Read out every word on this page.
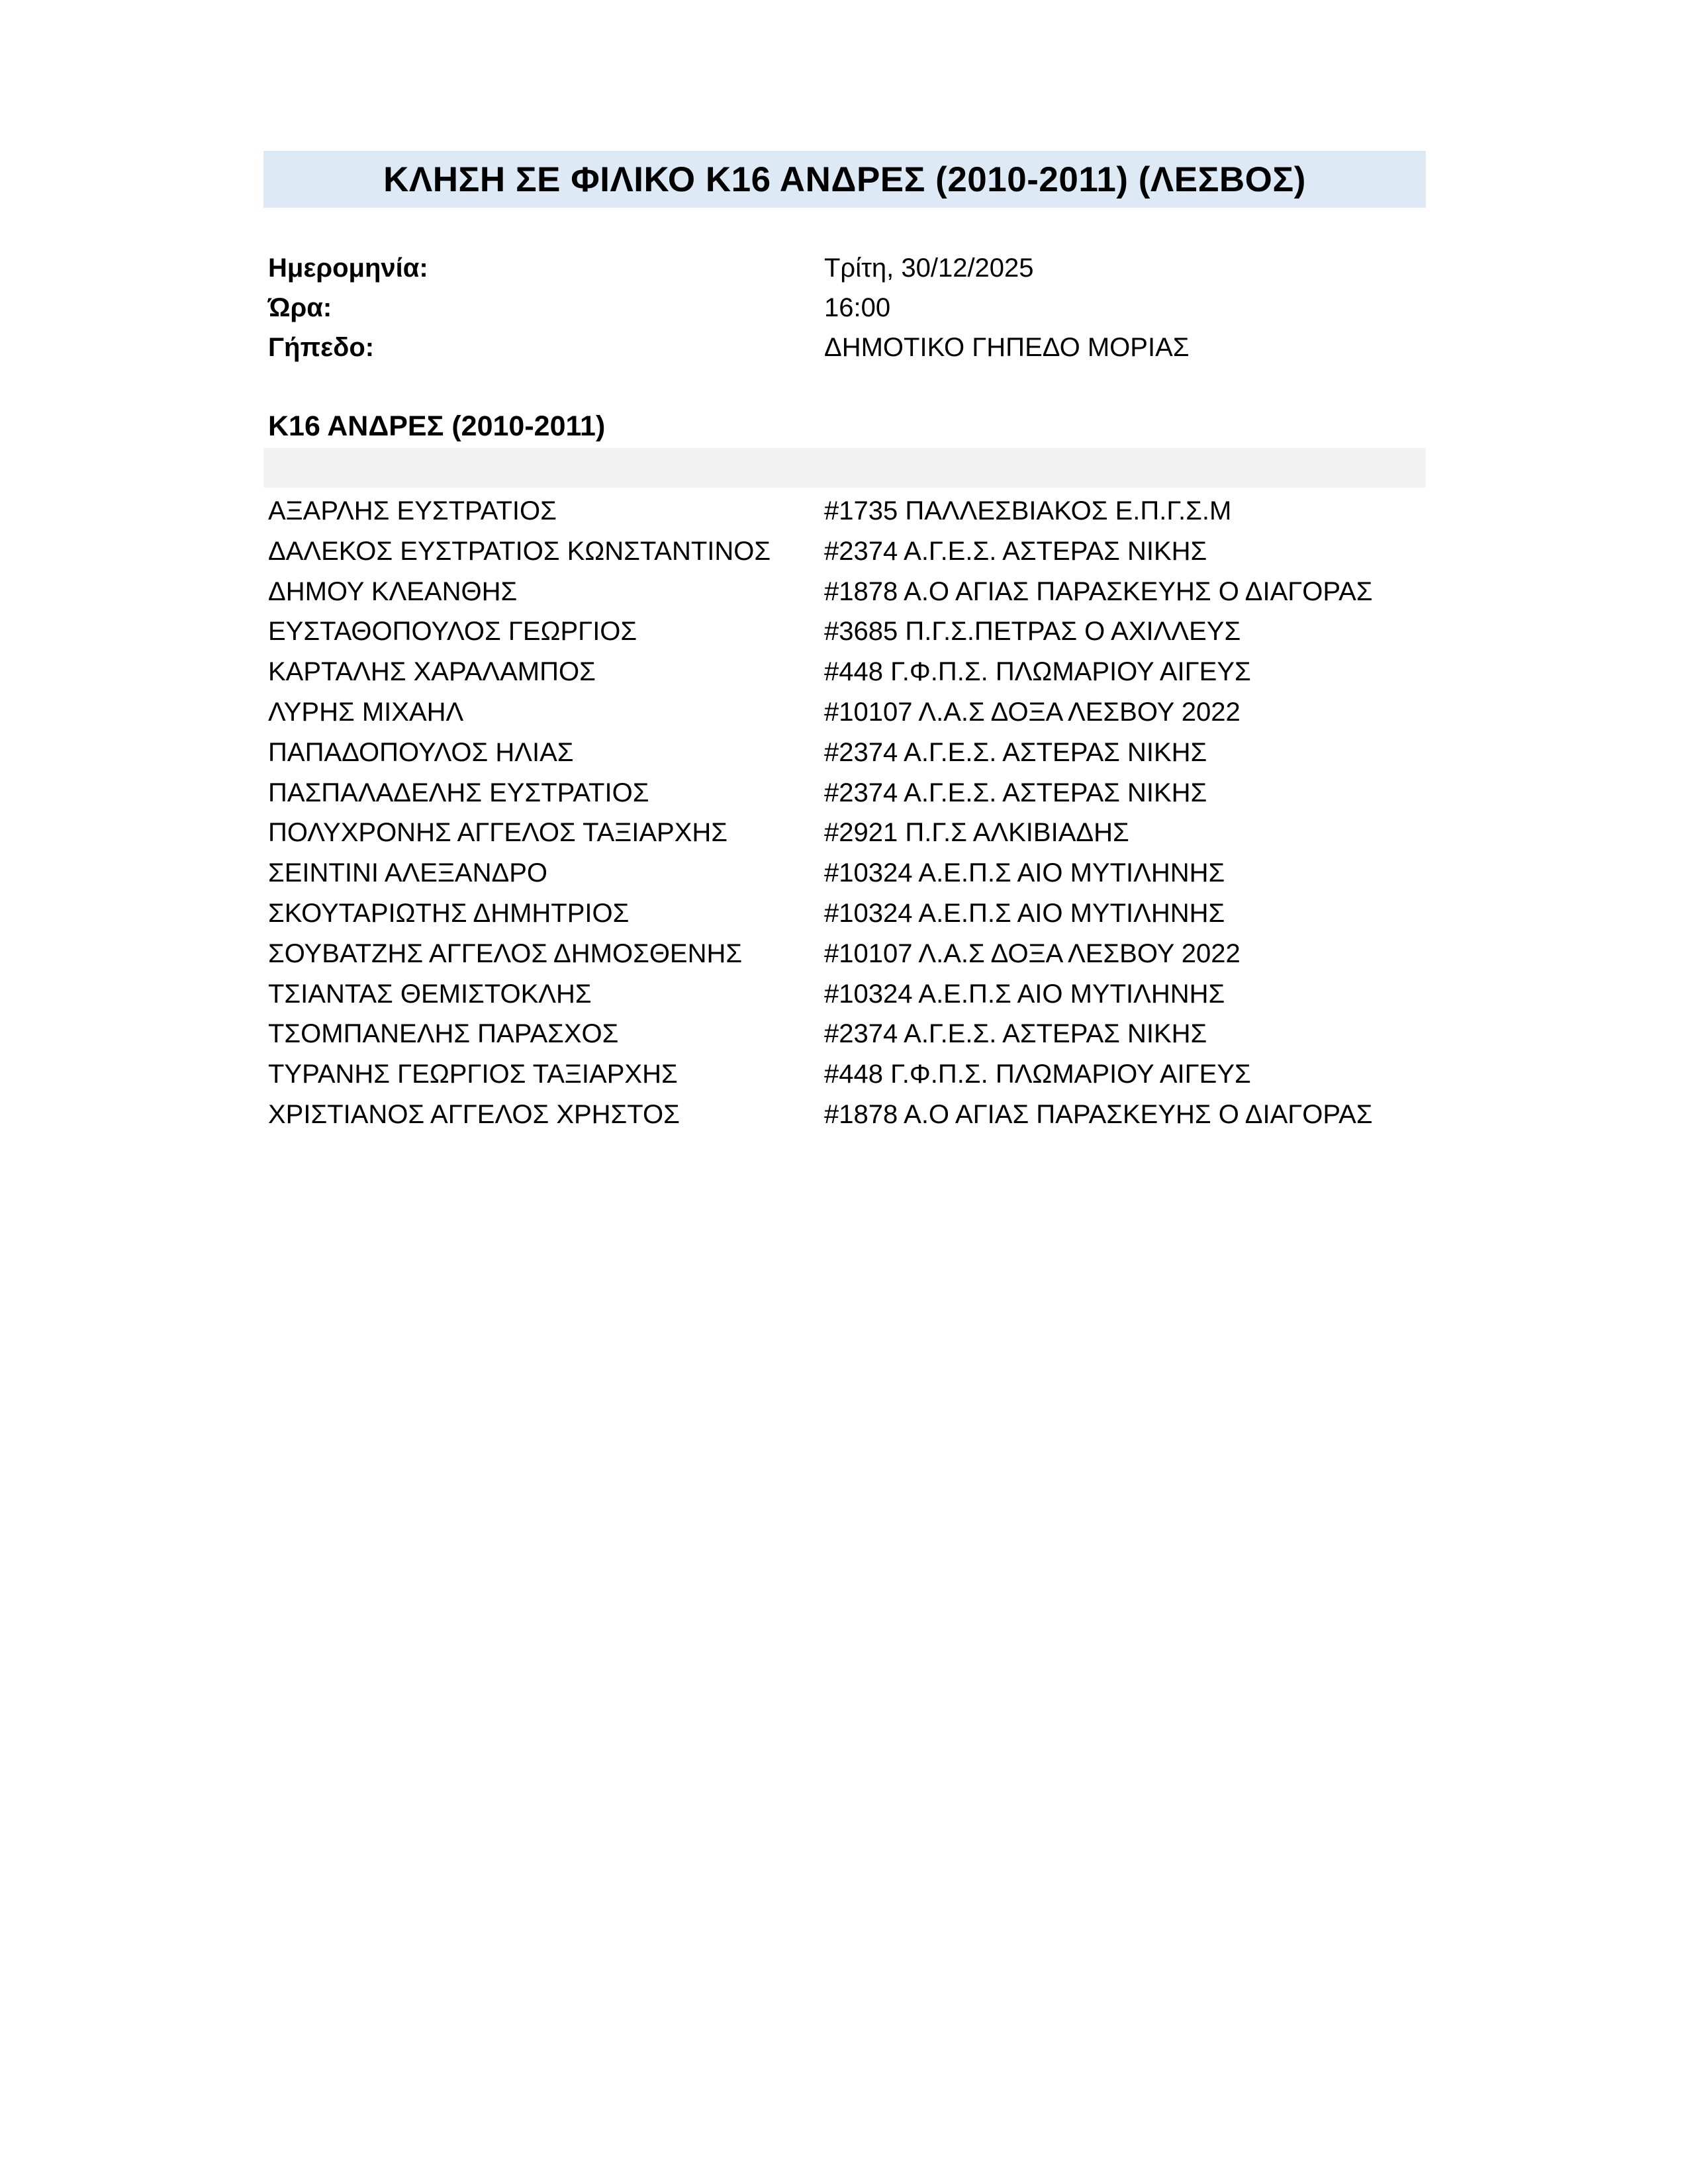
ΚΛΗΣΗ ΣΕ ΦΙΛΙΚΟ Κ16 ΑΝΔΡΕΣ (2010-2011) (ΛΕΣΒΟΣ)
Ημερομηνία:	Τρίτη, 30/12/2025
Ώρα:	16:00
Γήπεδο:	ΔΗΜΟΤΙΚΟ ΓΗΠΕΔΟ ΜΟΡΙΑΣ
Κ16 ΑΝΔΡΕΣ (2010-2011)
ΑΞΑΡΛΗΣ ΕΥΣΤΡΑΤΙΟΣ	#1735 ΠΑΛΛΕΣΒΙΑΚΟΣ Ε.Π.Γ.Σ.Μ
ΔΑΛΕΚΟΣ ΕΥΣΤΡΑΤΙΟΣ ΚΩΝΣΤΑΝΤΙΝΟΣ #2374 Α.Γ.Ε.Σ. ΑΣΤΕΡΑΣ ΝΙΚΗΣ
ΔΗΜΟΥ ΚΛΕΑΝΘΗΣ	#1878 Α.Ο ΑΓΙΑΣ ΠΑΡΑΣΚΕΥΗΣ Ο ΔΙΑΓΟΡΑΣ
ΕΥΣΤΑΘΟΠΟΥΛΟΣ ΓΕΩΡΓΙΟΣ	#3685 Π.Γ.Σ.ΠΕΤΡΑΣ Ο ΑΧΙΛΛΕΥΣ
ΚΑΡΤΑΛΗΣ ΧΑΡΑΛΑΜΠΟΣ	#448 Γ.Φ.Π.Σ. ΠΛΩΜΑΡΙΟΥ ΑΙΓΕΥΣ
ΛΥΡΗΣ ΜΙΧΑΗΛ	#10107 Λ.Α.Σ ΔΟΞΑ ΛΕΣΒΟΥ 2022
ΠΑΠΑΔΟΠΟΥΛΟΣ ΗΛΙΑΣ	#2374 Α.Γ.Ε.Σ. ΑΣΤΕΡΑΣ ΝΙΚΗΣ
ΠΑΣΠΑΛΑΔΕΛΗΣ ΕΥΣΤΡΑΤΙΟΣ	#2374 Α.Γ.Ε.Σ. ΑΣΤΕΡΑΣ ΝΙΚΗΣ
ΠΟΛΥΧΡΟΝΗΣ ΑΓΓΕΛΟΣ ΤΑΞΙΑΡΧΗΣ	#2921 Π.Γ.Σ ΑΛΚΙΒΙΑΔΗΣ
ΣΕΙΝΤΙΝΙ ΑΛΕΞΑΝΔΡΟ	#10324 Α.Ε.Π.Σ ΑΙΟ ΜΥΤΙΛΗΝΗΣ
ΣΚΟΥΤΑΡΙΩΤΗΣ ΔΗΜΗΤΡΙΟΣ	#10324 Α.Ε.Π.Σ ΑΙΟ ΜΥΤΙΛΗΝΗΣ
ΣΟΥΒΑΤΖΗΣ ΑΓΓΕΛΟΣ ΔΗΜΟΣΘΕΝΗΣ	#10107 Λ.Α.Σ ΔΟΞΑ ΛΕΣΒΟΥ 2022
ΤΣΙΑΝΤΑΣ ΘΕΜΙΣΤΟΚΛΗΣ	#10324 Α.Ε.Π.Σ ΑΙΟ ΜΥΤΙΛΗΝΗΣ
ΤΣΟΜΠΑΝΕΛΗΣ ΠΑΡΑΣΧΟΣ	#2374 Α.Γ.Ε.Σ. ΑΣΤΕΡΑΣ ΝΙΚΗΣ
ΤΥΡΑΝΗΣ ΓΕΩΡΓΙΟΣ ΤΑΞΙΑΡΧΗΣ	#448 Γ.Φ.Π.Σ. ΠΛΩΜΑΡΙΟΥ ΑΙΓΕΥΣ
ΧΡΙΣΤΙΑΝΟΣ ΑΓΓΕΛΟΣ ΧΡΗΣΤΟΣ	#1878 Α.Ο ΑΓΙΑΣ ΠΑΡΑΣΚΕΥΗΣ Ο ΔΙΑΓΟΡΑΣ
